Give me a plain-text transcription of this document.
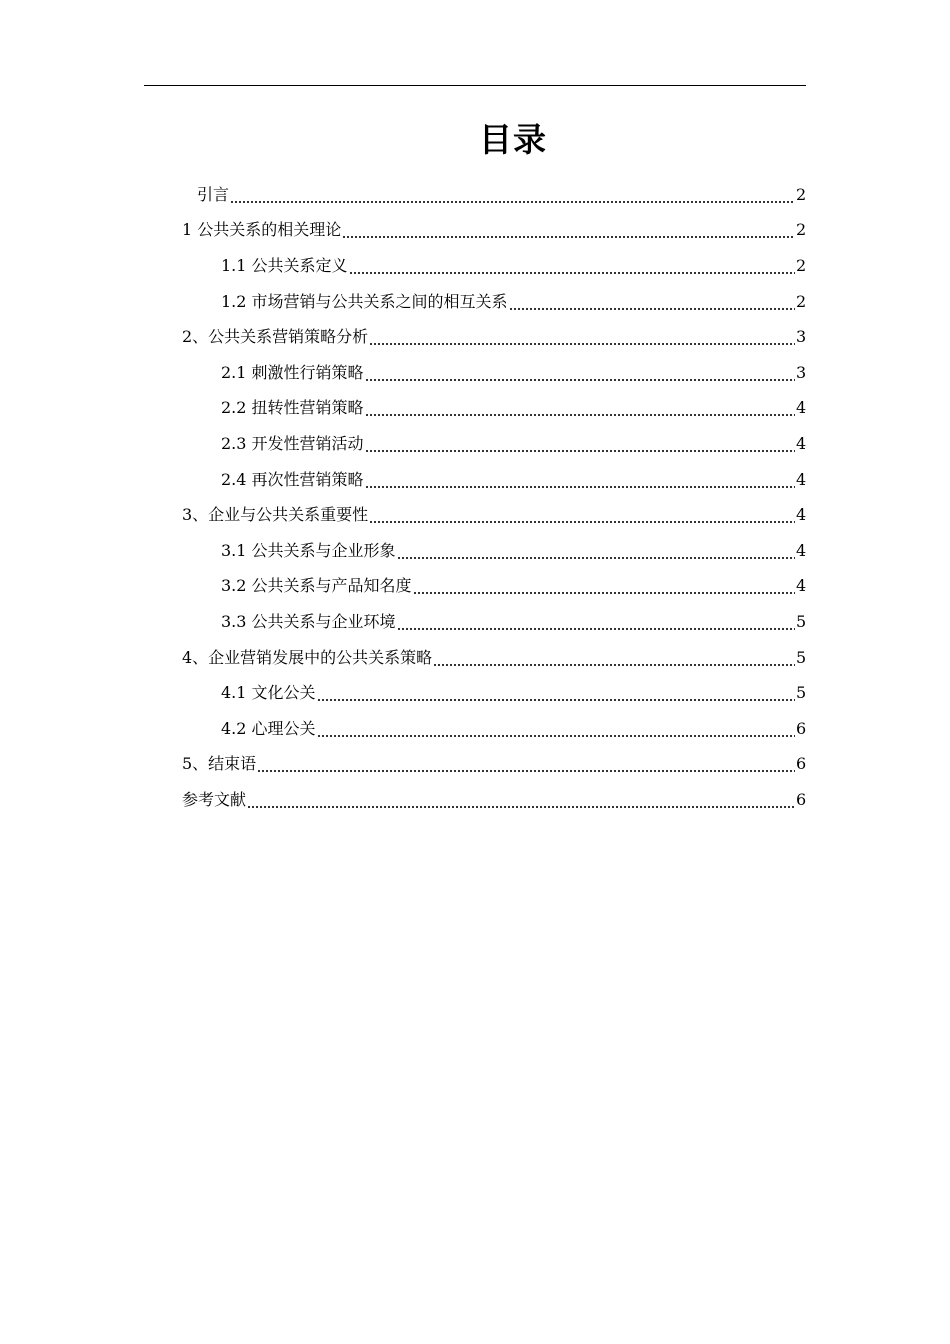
目录
引言	2
1 公共关系的相关理论	2
1.1 公共关系定义	2
1.2 市场营销与公共关系之间的相互关系	2
2、公共关系营销策略分析	3
2.1 刺激性行销策略	3
2.2 扭转性营销策略	4
2.3 开发性营销活动	4
2.4 再次性营销策略	4
3、企业与公共关系重要性	4
3.1 公共关系与企业形象	4
3.2 公共关系与产品知名度	4
3.3 公共关系与企业环境	5
4、企业营销发展中的公共关系策略	5
4.1 文化公关	5
4.2 心理公关	6
5、结束语	6
参考文献	6
